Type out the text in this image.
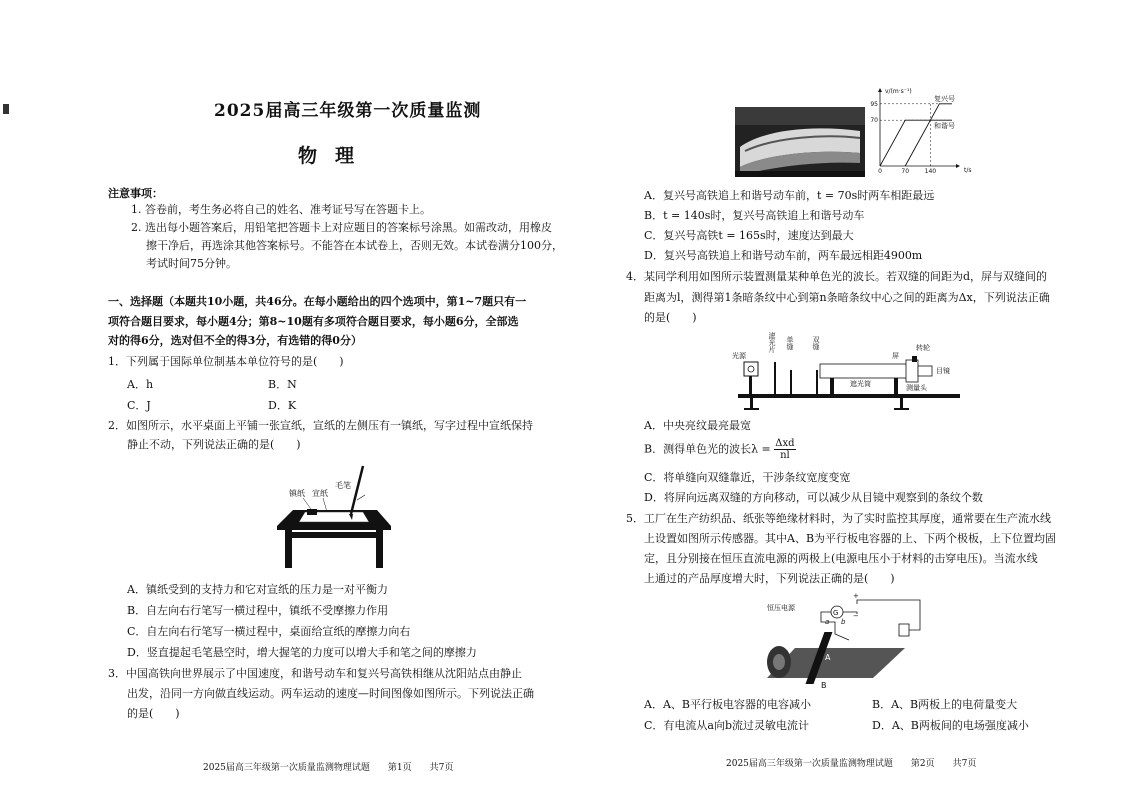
2025届高三年级第一次质量监测
物理
注意事项：
1. 答卷前，考生务必将自己的姓名、准考证号写在答题卡上。
2. 选出每小题答案后，用铅笔把答题卡上对应题目的答案标号涂黑。如需改动，用橡皮
擦干净后，再选涂其他答案标号。不能答在本试卷上，否则无效。本试卷满分100分，
考试时间75分钟。
一、选择题（本题共10小题，共46分。在每小题给出的四个选项中，第1~7题只有一
项符合题目要求，每小题4分；第8~10题有多项符合题目要求，每小题6分，全部选
对的得6分，选对但不全的得3分，有选错的得0分）
1．下列属于国际单位制基本单位符号的是(　　)
A．h	B．N
C．J	D．K
2．如图所示，水平桌面上平铺一张宣纸，宣纸的左侧压有一镇纸，写字过程中宣纸保持
静止不动，下列说法正确的是(　　)
毛笔
镇纸 宣纸
A．镇纸受到的支持力和它对宣纸的压力是一对平衡力
B．自左向右行笔写一横过程中，镇纸不受摩擦力作用
C．自左向右行笔写一横过程中，桌面给宣纸的摩擦力向右
D．竖直提起毛笔悬空时，增大握笔的力度可以增大手和笔之间的摩擦力
3．中国高铁向世界展示了中国速度，和谐号动车和复兴号高铁相继从沈阳站点由静止
出发，沿同一方向做直线运动。两车运动的速度—时间图像如图所示。下列说法正确
的是(　　)
2025届高三年级第一次质量监测物理试题　　第1页　　共7页
v/(m·s⁻¹)
t/s
复兴号
和谐号
95
70
0	70	140
A．复兴号高铁追上和谐号动车前，t = 70s时两车相距最远
B．t = 140s时，复兴号高铁追上和谐号动车
C．复兴号高铁t = 165s时，速度达到最大
D．复兴号高铁追上和谐号动车前，两车最远相距4900m
4．某同学利用如图所示装置测量某种单色光的波长。若双缝的间距为d，屏与双缝间的
距离为l，测得第1条暗条纹中心到第n条暗条纹中心之间的距离为Δx，下列说法正确
的是(　　)
光源
滤光片 单缝	双缝
屏
转轮
遮光筒
目镜
测量头
A．中央亮纹最亮最宽
B．测得单色光的波长$\lambda = \frac{\text{Δxd}}{nl}$
C．将单缝向双缝靠近，干涉条纹宽度变宽
D．将屏向远离双缝的方向移动，可以减少从目镜中观察到的条纹个数
5．工厂在生产纺织品、纸张等绝缘材料时，为了实时监控其厚度，通常要在生产流水线
上设置如图所示传感器。其中A、B为平行板电容器的上、下两个极板，上下位置均固
定，且分别接在恒压直流电源的两极上(电源电压小于材料的击穿电压)。当流水线
上通过的产品厚度增大时，下列说法正确的是(　　)
G
恒压电源
+
−
a b
A
B
A．A、B平行板电容器的电容减小	B．A、B两板上的电荷量变大
C．有电流从a向b流过灵敏电流计	D．A、B两板间的电场强度减小
2025届高三年级第一次质量监测物理试题　　第2页　　共7页
